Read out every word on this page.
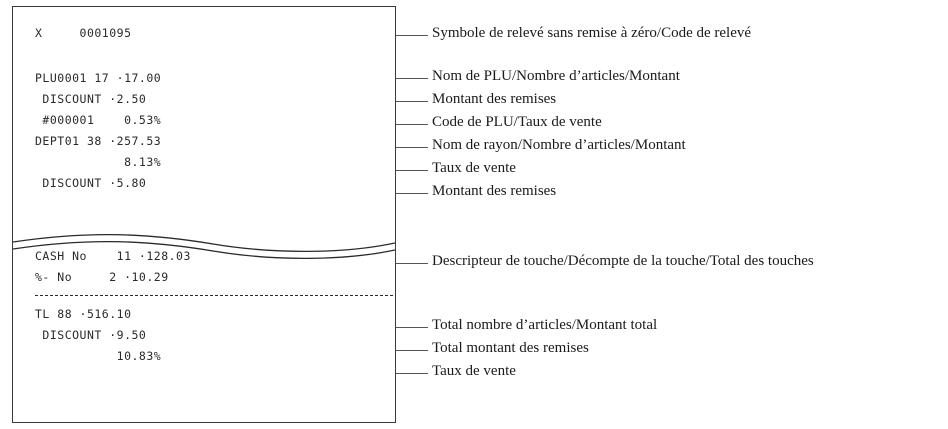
X     0001095
PLU0001 17 ·17.00
DISCOUNT ·2.50
#000001    0.53%
DEPT01 38 ·257.53
8.13%
DISCOUNT ·5.80
CASH No    11 ·128.03
%- No     2 ·10.29
TL 88 ·516.10
DISCOUNT ·9.50
10.83%
Symbole de relevé sans remise à zéro/Code de relevé
Nom de PLU/Nombre d’articles/Montant
Montant des remises
Code de PLU/Taux de vente
Nom de rayon/Nombre d’articles/Montant
Taux de vente
Montant des remises
Descripteur de touche/Décompte de la touche/Total des touches
Total nombre d’articles/Montant total
Total montant des remises
Taux de vente
